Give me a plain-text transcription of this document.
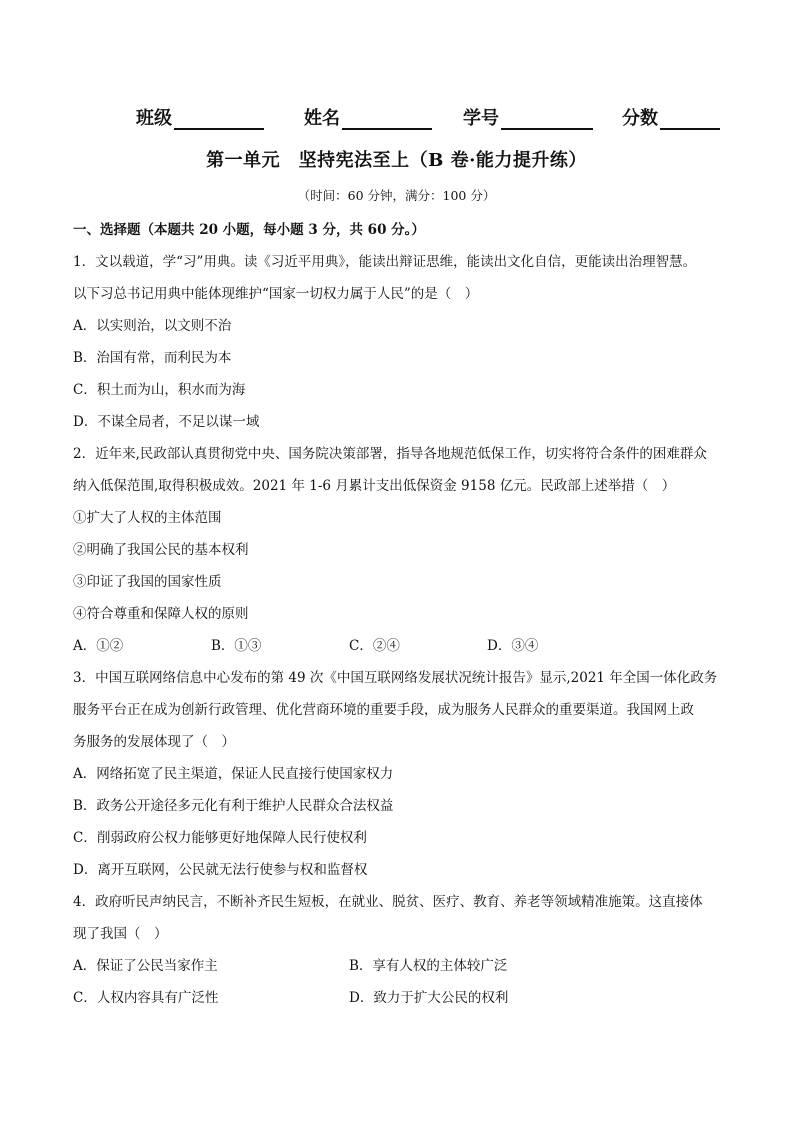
班级	姓名	学号	分数
第一单元　坚持宪法至上（B 卷·能力提升练）
（时间：60 分钟，满分：100 分）
一、选择题（本题共 20 小题，每小题 3 分，共 60 分。）
1．文以载道，学“习”用典。读《习近平用典》，能读出辩证思维，能读出文化自信，更能读出治理智慧。
以下习总书记用典中能体现维护“国家一切权力属于人民”的是（　）
A．以实则治，以文则不治
B．治国有常，而利民为本
C．积土而为山，积水而为海
D．不谋全局者，不足以谋一域
2．近年来,民政部认真贯彻党中央、国务院决策部署，指导各地规范低保工作，切实将符合条件的困难群众
纳入低保范围,取得积极成效。2021 年 1-6 月累计支出低保资金 9158 亿元。民政部上述举措（　）
①扩大了人权的主体范围
②明确了我国公民的基本权利
③印证了我国的国家性质
④符合尊重和保障人权的原则
A．①②	B．①③	C．②④	D．③④
3．中国互联网络信息中心发布的第 49 次《中国互联网络发展状况统计报告》显示,2021 年全国一体化政务
服务平台正在成为创新行政管理、优化营商环境的重要手段，成为服务人民群众的重要渠道。我国网上政
务服务的发展体现了（　）
A．网络拓宽了民主渠道，保证人民直接行使国家权力
B．政务公开途径多元化有利于维护人民群众合法权益
C．削弱政府公权力能够更好地保障人民行使权利
D．离开互联网，公民就无法行使参与权和监督权
4．政府听民声纳民言，不断补齐民生短板，在就业、脱贫、医疗、教育、养老等领域精准施策。这直接体
现了我国（　）
A．保证了公民当家作主	B．享有人权的主体较广泛
C．人权内容具有广泛性	D．致力于扩大公民的权利
